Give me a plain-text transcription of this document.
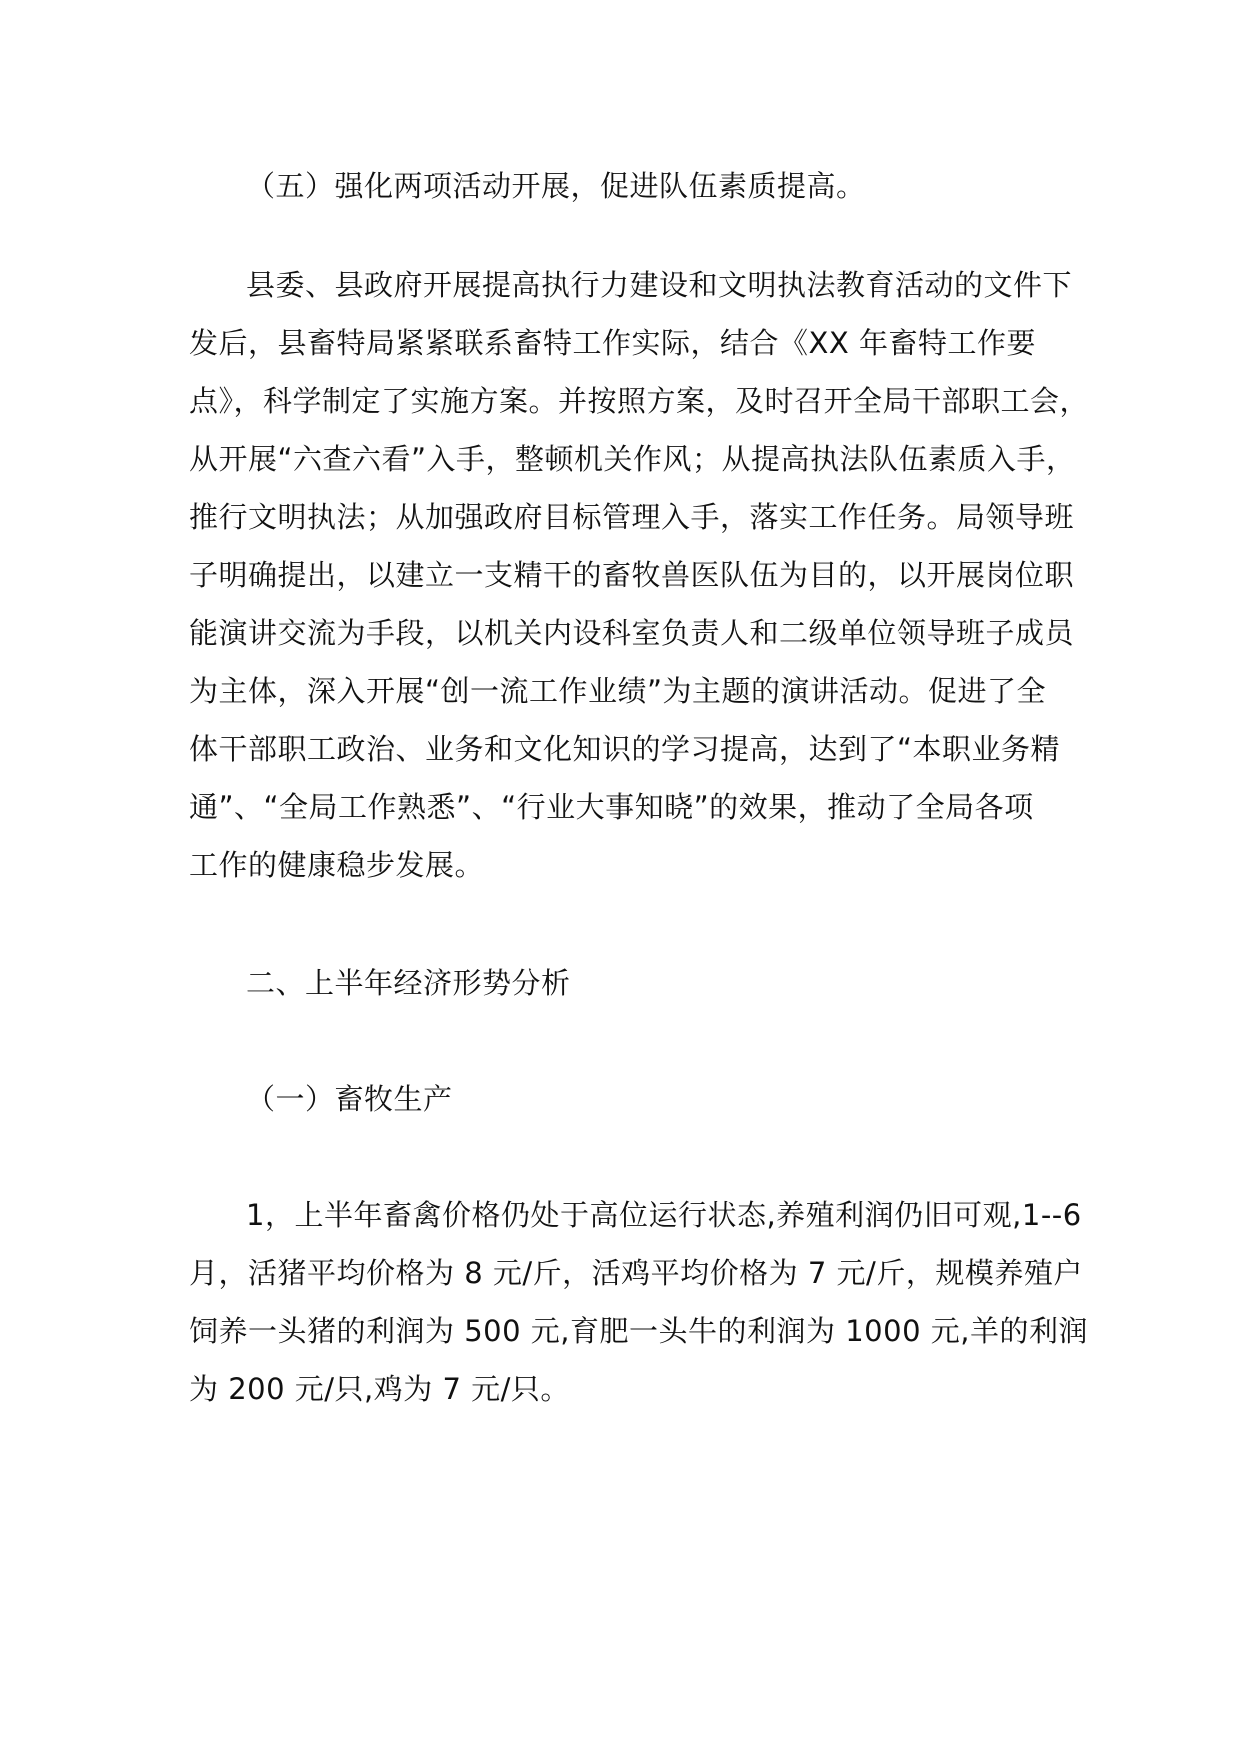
（五）强化两项活动开展，促进队伍素质提高。
县委、县政府开展提高执行力建设和文明执法教育活动的文件下
发后，县畜特局紧紧联系畜特工作实际，结合《XX 年畜特工作要
点》，科学制定了实施方案。并按照方案，及时召开全局干部职工会，
从开展“六查六看”入手，整顿机关作风；从提高执法队伍素质入手，
推行文明执法；从加强政府目标管理入手，落实工作任务。局领导班
子明确提出，以建立一支精干的畜牧兽医队伍为目的，以开展岗位职
能演讲交流为手段，以机关内设科室负责人和二级单位领导班子成员
为主体，深入开展“创一流工作业绩”为主题的演讲活动。促进了全
体干部职工政治、业务和文化知识的学习提高，达到了“本职业务精
通”、“全局工作熟悉”、“行业大事知晓”的效果，推动了全局各项
工作的健康稳步发展。
二、上半年经济形势分析
（一）畜牧生产
1，上半年畜禽价格仍处于高位运行状态,养殖利润仍旧可观,1--6
月，活猪平均价格为 8 元/斤，活鸡平均价格为 7 元/斤，规模养殖户
饲养一头猪的利润为 500 元,育肥一头牛的利润为 1000 元,羊的利润
为 200 元/只,鸡为 7 元/只。
